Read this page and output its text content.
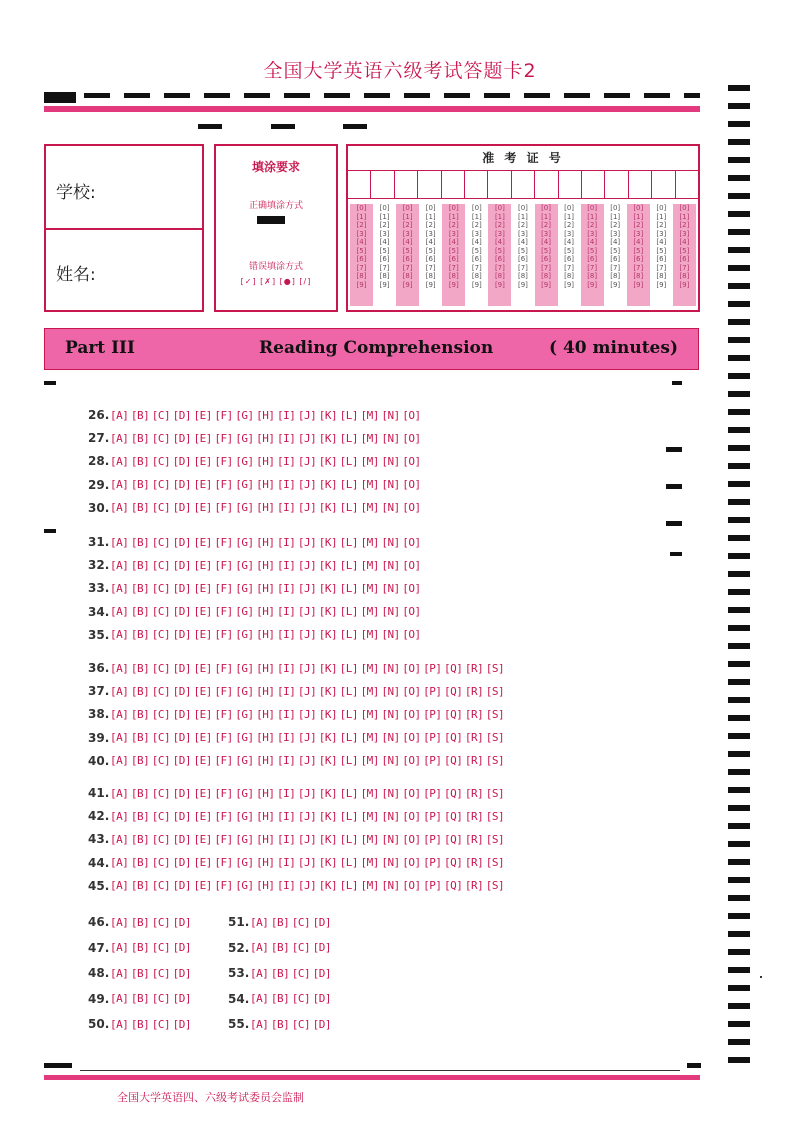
全国大学英语六级考试答题卡2
学校:
姓名:
填涂要求
正确填涂方式
错误填涂方式
[✓] [✗] [●] [/]
准 考 证 号
[0]
[1]
[2]
[3]
[4]
[5]
[6]
[7]
[8]
[9]
[0]
[1]
[2]
[3]
[4]
[5]
[6]
[7]
[8]
[9]
[0]
[1]
[2]
[3]
[4]
[5]
[6]
[7]
[8]
[9]
[0]
[1]
[2]
[3]
[4]
[5]
[6]
[7]
[8]
[9]
[0]
[1]
[2]
[3]
[4]
[5]
[6]
[7]
[8]
[9]
[0]
[1]
[2]
[3]
[4]
[5]
[6]
[7]
[8]
[9]
[0]
[1]
[2]
[3]
[4]
[5]
[6]
[7]
[8]
[9]
[0]
[1]
[2]
[3]
[4]
[5]
[6]
[7]
[8]
[9]
[0]
[1]
[2]
[3]
[4]
[5]
[6]
[7]
[8]
[9]
[0]
[1]
[2]
[3]
[4]
[5]
[6]
[7]
[8]
[9]
[0]
[1]
[2]
[3]
[4]
[5]
[6]
[7]
[8]
[9]
[0]
[1]
[2]
[3]
[4]
[5]
[6]
[7]
[8]
[9]
[0]
[1]
[2]
[3]
[4]
[5]
[6]
[7]
[8]
[9]
[0]
[1]
[2]
[3]
[4]
[5]
[6]
[7]
[8]
[9]
[0]
[1]
[2]
[3]
[4]
[5]
[6]
[7]
[8]
[9]
Part III	Reading Comprehension	( 40 minutes)
26. [A] [B] [C] [D] [E] [F] [G] [H] [I] [J] [K] [L] [M] [N] [O]
27. [A] [B] [C] [D] [E] [F] [G] [H] [I] [J] [K] [L] [M] [N] [O]
28. [A] [B] [C] [D] [E] [F] [G] [H] [I] [J] [K] [L] [M] [N] [O]
29. [A] [B] [C] [D] [E] [F] [G] [H] [I] [J] [K] [L] [M] [N] [O]
30. [A] [B] [C] [D] [E] [F] [G] [H] [I] [J] [K] [L] [M] [N] [O]
31. [A] [B] [C] [D] [E] [F] [G] [H] [I] [J] [K] [L] [M] [N] [O]
32. [A] [B] [C] [D] [E] [F] [G] [H] [I] [J] [K] [L] [M] [N] [O]
33. [A] [B] [C] [D] [E] [F] [G] [H] [I] [J] [K] [L] [M] [N] [O]
34. [A] [B] [C] [D] [E] [F] [G] [H] [I] [J] [K] [L] [M] [N] [O]
35. [A] [B] [C] [D] [E] [F] [G] [H] [I] [J] [K] [L] [M] [N] [O]
36. [A] [B] [C] [D] [E] [F] [G] [H] [I] [J] [K] [L] [M] [N] [O] [P] [Q] [R] [S]
37. [A] [B] [C] [D] [E] [F] [G] [H] [I] [J] [K] [L] [M] [N] [O] [P] [Q] [R] [S]
38. [A] [B] [C] [D] [E] [F] [G] [H] [I] [J] [K] [L] [M] [N] [O] [P] [Q] [R] [S]
39. [A] [B] [C] [D] [E] [F] [G] [H] [I] [J] [K] [L] [M] [N] [O] [P] [Q] [R] [S]
40. [A] [B] [C] [D] [E] [F] [G] [H] [I] [J] [K] [L] [M] [N] [O] [P] [Q] [R] [S]
41. [A] [B] [C] [D] [E] [F] [G] [H] [I] [J] [K] [L] [M] [N] [O] [P] [Q] [R] [S]
42. [A] [B] [C] [D] [E] [F] [G] [H] [I] [J] [K] [L] [M] [N] [O] [P] [Q] [R] [S]
43. [A] [B] [C] [D] [E] [F] [G] [H] [I] [J] [K] [L] [M] [N] [O] [P] [Q] [R] [S]
44. [A] [B] [C] [D] [E] [F] [G] [H] [I] [J] [K] [L] [M] [N] [O] [P] [Q] [R] [S]
45. [A] [B] [C] [D] [E] [F] [G] [H] [I] [J] [K] [L] [M] [N] [O] [P] [Q] [R] [S]
46. [A] [B] [C] [D]
47. [A] [B] [C] [D]
48. [A] [B] [C] [D]
49. [A] [B] [C] [D]
50. [A] [B] [C] [D]
51. [A] [B] [C] [D]
52. [A] [B] [C] [D]
53. [A] [B] [C] [D]
54. [A] [B] [C] [D]
55. [A] [B] [C] [D]
全国大学英语四、六级考试委员会监制
